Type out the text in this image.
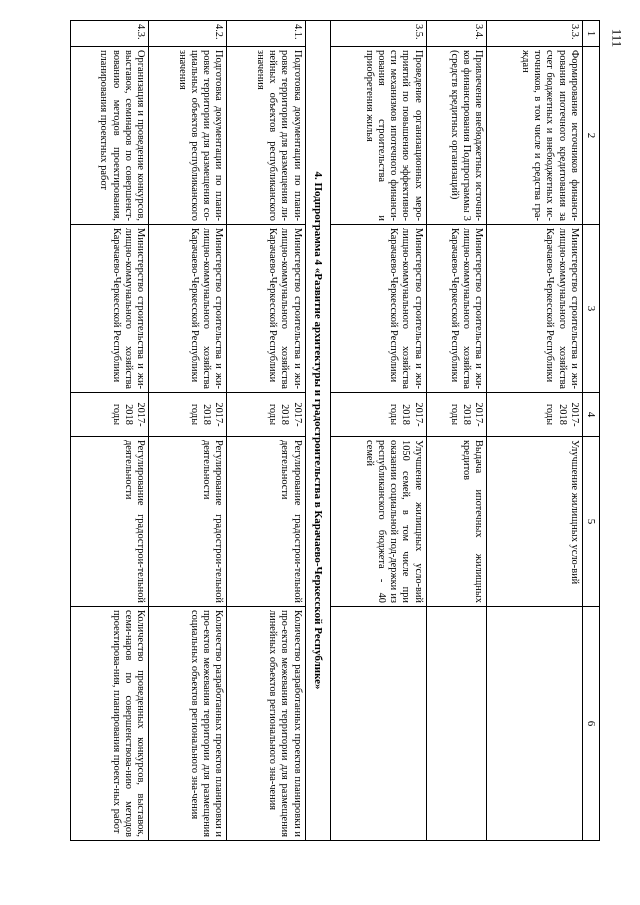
111
1	2	3	4	5	6
3.3.	Формирование источников финанси-рования ипотечного кредитования за счет бюджетных и внебюджетных ис-точников, в том числе и средства гра-ждан	Министерство строительства и жи-лищно-коммунального хозяйства Карачаево-Черкесской Республики	2017-2018 годы	Улучшение жилищных усло-вий	
3.4.	Привлечение внебюджетных источни-ков финансирования Подпрограммы 3 (средств кредитных организаций)	Министерство строительства и жи-лищно-коммунального хозяйства Карачаево-Черкесской Республики	2017-2018 годы	Выдача ипотечных жилищных кредитов	
3.5.	Проведение организационных меро-приятий по повышению эффективно-сти механизмов ипотечного финанси-рования строительства и приобретения жилья	Министерство строительства и жи-лищно-коммунального хозяйства Карачаево-Черкесской Республики	2017-2018 годы	Улучшение жилищных усло-вий 1050 семей, в том числе при оказании социальной под-держки из республиканского бюджета - 40 семей	
4. Подпрограмма 4 «Развитие архитектуры и градостроительства в Карачаево-Черкесской Республике»					
4.1.	Подготовка документации по плани-ровке территории для размещения ли-нейных объектов республиканского значения	Министерство строительства и жи-лищно-коммунального хозяйства Карачаево-Черкесской Республики	2017-2018 годы	Регулирование градострои-тельной деятельности	Количество разработанных проектов планировки и про-ектов межевания территории для размещения линейных объектов регионального зна-чения
4.2.	Подготовка документации по плани-ровке территории для размещения со-циальных объектов республиканского значения	Министерство строительства и жи-лищно-коммунального хозяйства Карачаево-Черкесской Республики	2017-2018 годы	Регулирование градострои-тельной деятельности	Количество разработанных проектов планировки и про-ектов межевания территории для размещения социальных объектов регионального зна-чения
4.3.	Организация и проведение конкурсов, выставок, семинаров по совершенст-вованию методов проектирования, планирования проектных работ	Министерство строительства и жи-лищно-коммунального хозяйства Карачаево-Черкесской Республики	2017-2018 годы	Регулирование градострои-тельной деятельности	Количество проведенных конкурсов, выставок, семи-наров по совершенствова-нию методов проектирова-ния, планирования проект-ных работ
